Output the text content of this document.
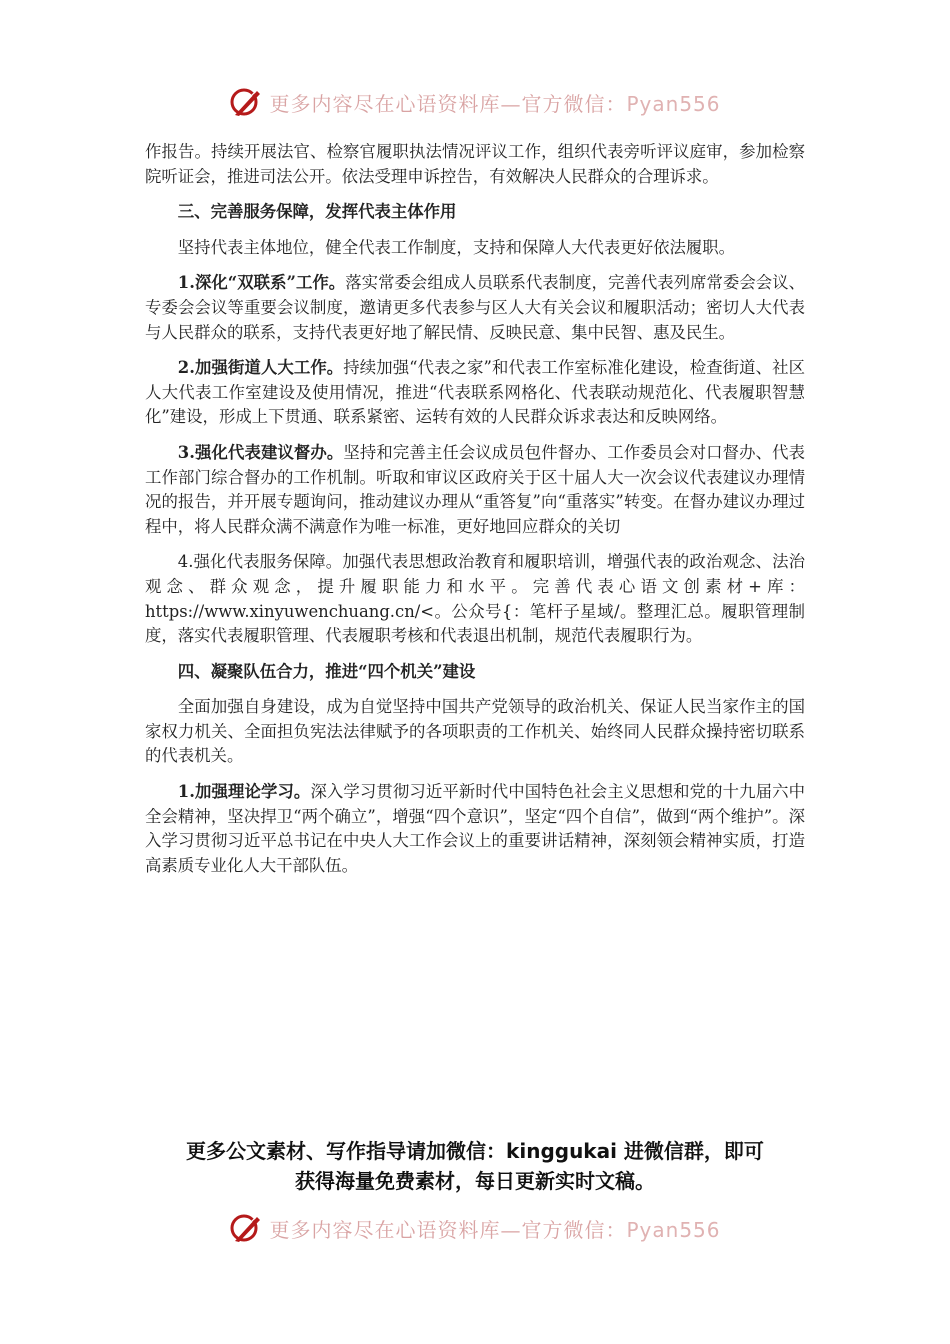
更多内容尽在心语资料库—官方微信：Pyan556

作报告。持续开展法官、检察官履职执法情况评议工作，组织代表旁听评议庭审，参加检察院听证会，推进司法公开。依法受理申诉控告，有效解决人民群众的合理诉求。

三、完善服务保障，发挥代表主体作用

坚持代表主体地位，健全代表工作制度，支持和保障人大代表更好依法履职。

1.深化“双联系”工作。落实常委会组成人员联系代表制度，完善代表列席常委会会议、专委会会议等重要会议制度，邀请更多代表参与区人大有关会议和履职活动；密切人大代表与人民群众的联系，支持代表更好地了解民情、反映民意、集中民智、惠及民生。

2.加强街道人大工作。持续加强“代表之家”和代表工作室标准化建设，检查街道、社区人大代表工作室建设及使用情况，推进“代表联系网格化、代表联动规范化、代表履职智慧化”建设，形成上下贯通、联系紧密、运转有效的人民群众诉求表达和反映网络。

3.强化代表建议督办。坚持和完善主任会议成员包件督办、工作委员会对口督办、代表工作部门综合督办的工作机制。听取和审议区政府关于区十届人大一次会议代表建议办理情况的报告，并开展专题询问，推动建议办理从“重答复”向“重落实”转变。在督办建议办理过程中，将人民群众满不满意作为唯一标准，更好地回应群众的关切

4.强化代表服务保障。加强代表思想政治教育和履职培训，增强代表的政治观念、法治观念、群众观念，提升履职能力和水平。完善代表心语文创素材+库：https://www.xinyuwenchuang.cn/<。公众号{：笔杆子星域/。整理汇总。履职管理制度，落实代表履职管理、代表履职考核和代表退出机制，规范代表履职行为。

四、凝聚队伍合力，推进“四个机关”建设

全面加强自身建设，成为自觉坚持中国共产党领导的政治机关、保证人民当家作主的国家权力机关、全面担负宪法法律赋予的各项职责的工作机关、始终同人民群众操持密切联系的代表机关。

1.加强理论学习。深入学习贯彻习近平新时代中国特色社会主义思想和党的十九届六中全会精神，坚决捍卫“两个确立”，增强“四个意识”，坚定“四个自信”，做到“两个维护”。深入学习贯彻习近平总书记在中央人大工作会议上的重要讲话精神，深刻领会精神实质，打造高素质专业化人大干部队伍。

更多公文素材、写作指导请加微信：kinggukai 进微信群，即可
获得海量免费素材，每日更新实时文稿。
更多内容尽在心语资料库—官方微信：Pyan556
